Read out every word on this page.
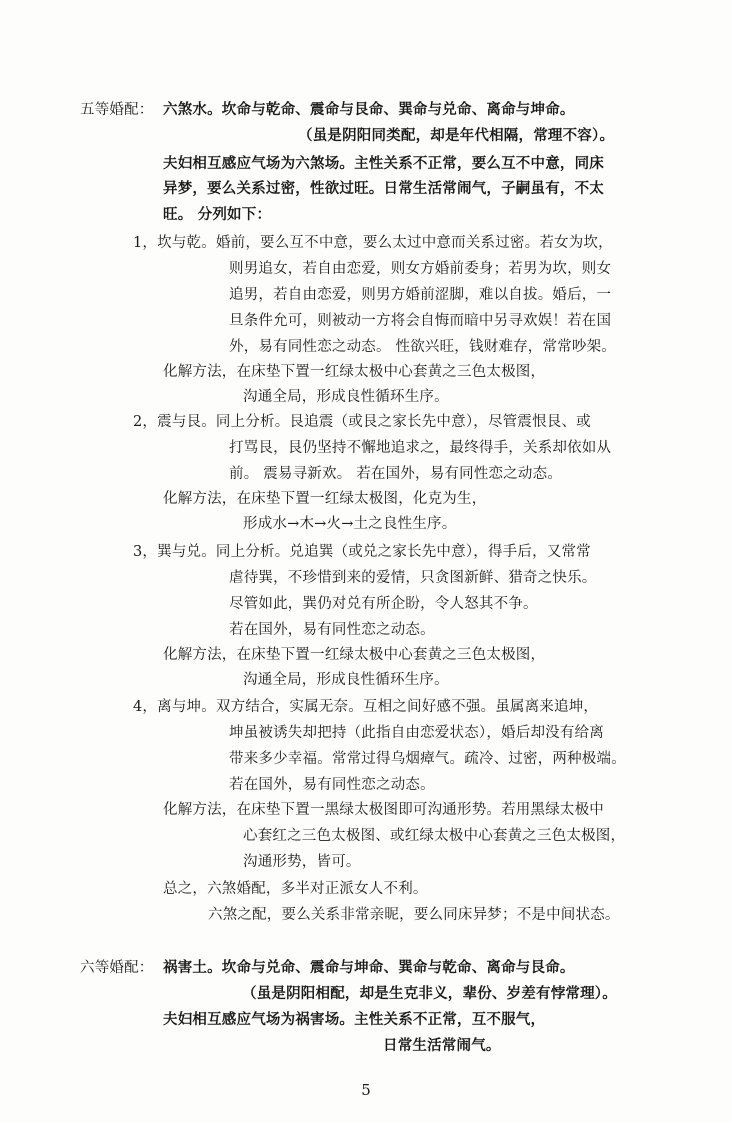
五等婚配： 六煞水。坎命与乾命、震命与艮命、巽命与兑命、离命与坤命。
（虽是阴阳同类配，却是年代相隔，常理不容）。
夫妇相互感应气场为六煞场。主性关系不正常，要么互不中意，同床
异梦，要么关系过密，性欲过旺。日常生活常闹气，子嗣虽有，不太
旺。 分列如下：
1，坎与乾。婚前，要么互不中意，要么太过中意而关系过密。若女为坎，
则男追女，若自由恋爱，则女方婚前委身；若男为坎，则女
追男，若自由恋爱，则男方婚前涩脚，难以自拔。婚后，一
旦条件允可，则被动一方将会自悔而暗中另寻欢娱！若在国
外，易有同性恋之动态。 性欲兴旺，钱财难存，常常吵架。
化解方法，在床垫下置一红绿太极中心套黄之三色太极图，
沟通全局，形成良性循环生序。
2，震与艮。同上分析。艮追震（或艮之家长先中意），尽管震恨艮、或
打骂艮，艮仍坚持不懈地追求之，最终得手，关系却依如从
前。 震易寻新欢。 若在国外，易有同性恋之动态。
化解方法，在床垫下置一红绿太极图，化克为生，
形成水→木→火→土之良性生序。
3，巽与兑。同上分析。兑追巽（或兑之家长先中意），得手后，又常常
虐待巽，不珍惜到来的爱情，只贪图新鲜、猎奇之快乐。
尽管如此，巽仍对兑有所企盼，令人怒其不争。
若在国外，易有同性恋之动态。
化解方法，在床垫下置一红绿太极中心套黄之三色太极图，
沟通全局，形成良性循环生序。
4，离与坤。双方结合，实属无奈。互相之间好感不强。虽属离来追坤，
坤虽被诱失却把持（此指自由恋爱状态），婚后却没有给离
带来多少幸福。常常过得乌烟瘴气。疏冷、过密，两种极端。
若在国外，易有同性恋之动态。
化解方法，在床垫下置一黑绿太极图即可沟通形势。若用黑绿太极中
心套红之三色太极图、或红绿太极中心套黄之三色太极图，
沟通形势，皆可。
总之，六煞婚配，多半对正派女人不利。
六煞之配，要么关系非常亲昵，要么同床异梦；不是中间状态。
六等婚配： 祸害土。坎命与兑命、震命与坤命、巽命与乾命、离命与艮命。
（虽是阴阳相配，却是生克非义，辈份、岁差有悖常理）。
夫妇相互感应气场为祸害场。主性关系不正常，互不服气，
日常生活常闹气。
5
